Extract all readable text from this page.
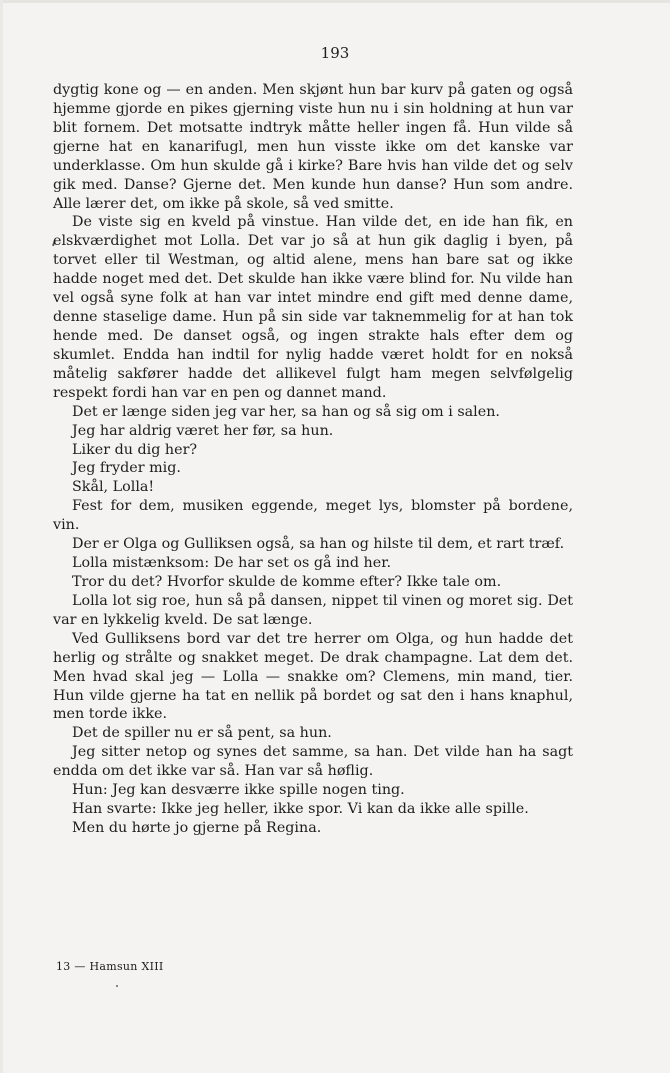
193

dygtig kone og — en anden. Men skjønt hun bar kurv på gaten og også hjemme gjorde en pikes gjerning viste hun nu i sin holdning at hun var blit fornem. Det motsatte indtryk måtte heller ingen få. Hun vilde så gjerne hat en kanarifugl, men hun visste ikke om det kanske var underklasse. Om hun skulde gå i kirke? Bare hvis han vilde det og selv gik med. Danse? Gjerne det. Men kunde hun danse? Hun som andre. Alle lærer det, om ikke på skole, så ved smitte.

De viste sig en kveld på vinstue. Han vilde det, en ide han fik, en elskværdighet mot Lolla. Det var jo så at hun gik daglig i byen, på torvet eller til Westman, og altid alene, mens han bare sat og ikke hadde noget med det. Det skulde han ikke være blind for. Nu vilde han vel også syne folk at han var intet mindre end gift med denne dame, denne staselige dame. Hun på sin side var taknemmelig for at han tok hende med. De danset også, og ingen strakte hals efter dem og skumlet. Endda han indtil for nylig hadde været holdt for en nokså måtelig sakfører hadde det allikevel fulgt ham megen selvfølgelig respekt fordi han var en pen og dannet mand.

Det er længe siden jeg var her, sa han og så sig om i salen.

Jeg har aldrig været her før, sa hun.

Liker du dig her?

Jeg fryder mig.

Skål, Lolla!

Fest for dem, musiken eggende, meget lys, blomster på bordene, vin.

Der er Olga og Gulliksen også, sa han og hilste til dem, et rart træf.

Lolla mistænksom: De har set os gå ind her.

Tror du det? Hvorfor skulde de komme efter? Ikke tale om.

Lolla lot sig roe, hun så på dansen, nippet til vinen og moret sig. Det var en lykkelig kveld. De sat længe.

Ved Gulliksens bord var det tre herrer om Olga, og hun hadde det herlig og strålte og snakket meget. De drak champagne. Lat dem det. Men hvad skal jeg — Lolla — snakke om? Clemens, min mand, tier. Hun vilde gjerne ha tat en nellik på bordet og sat den i hans knaphul, men torde ikke.

Det de spiller nu er så pent, sa hun.

Jeg sitter netop og synes det samme, sa han. Det vilde han ha sagt endda om det ikke var så. Han var så høflig.

Hun: Jeg kan desværre ikke spille nogen ting.

Han svarte: Ikke jeg heller, ikke spor. Vi kan da ikke alle spille.

Men du hørte jo gjerne på Regina.

13 — Hamsun XIII
